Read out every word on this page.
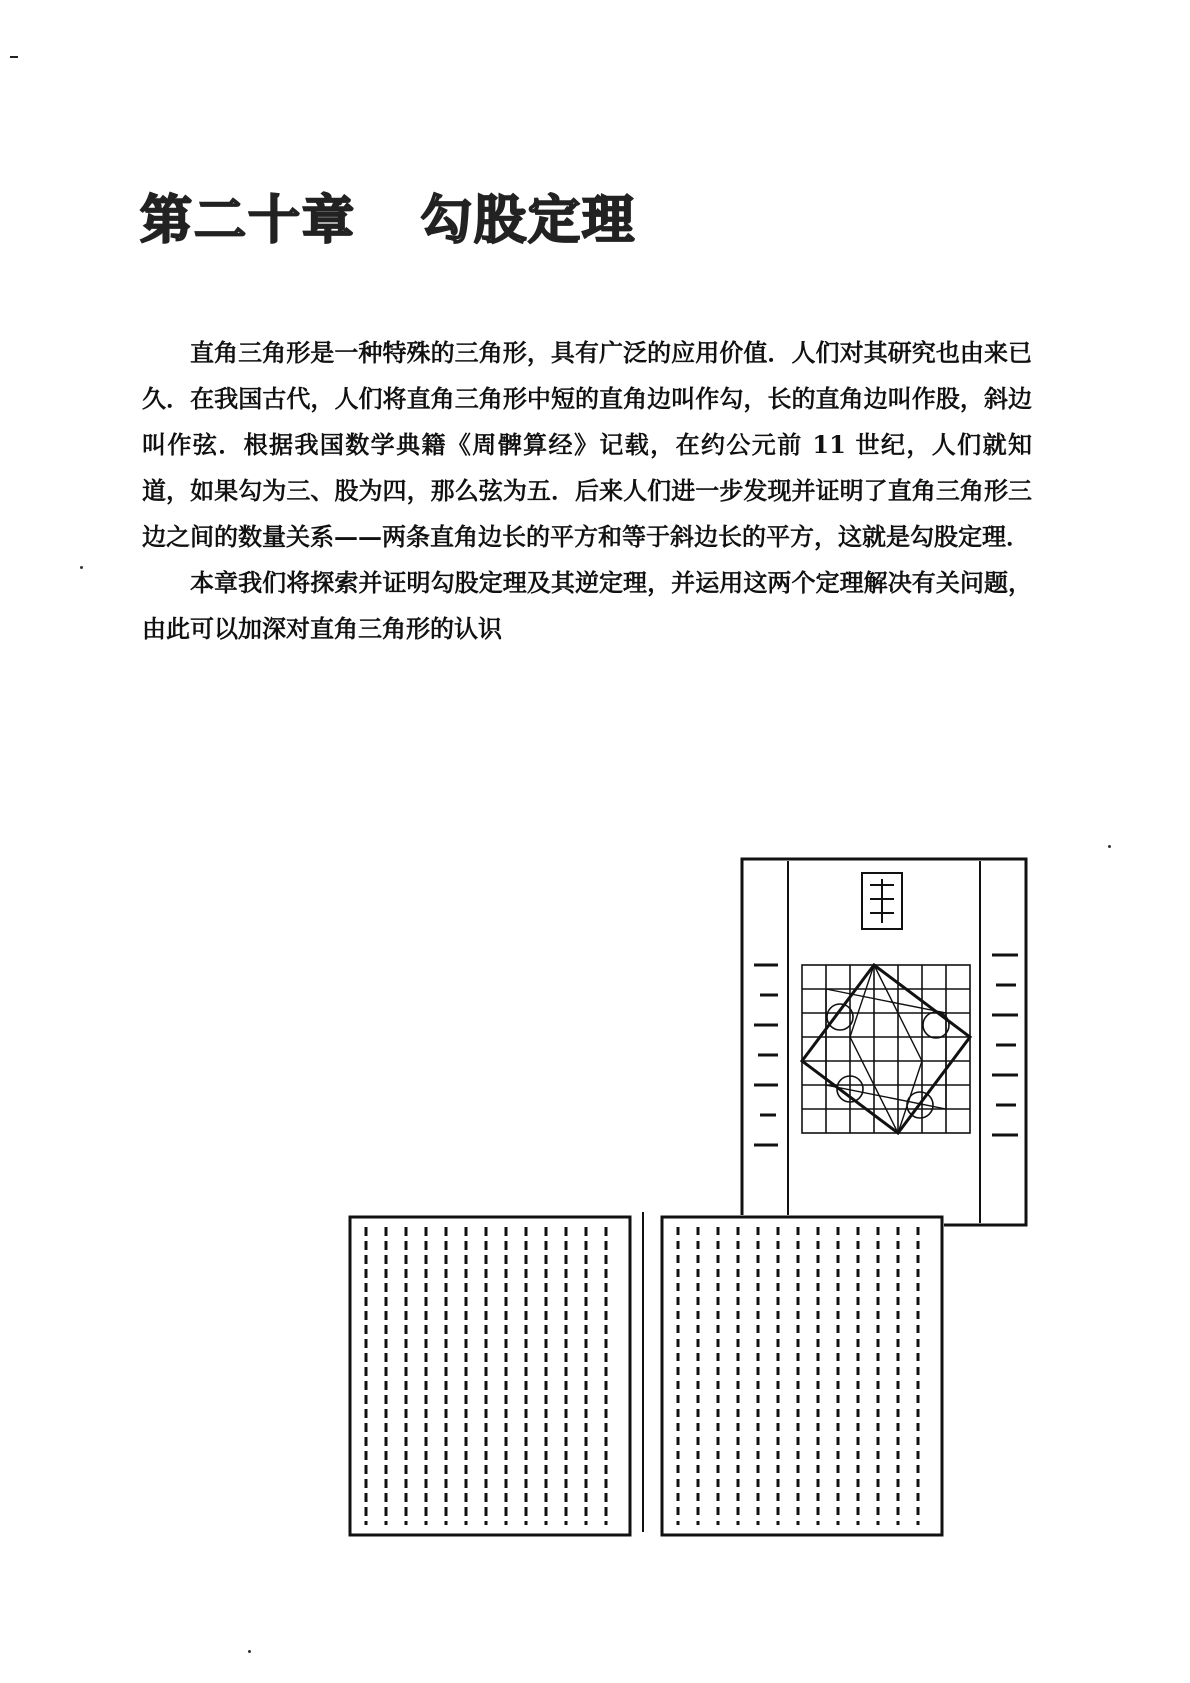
第二十章 勾股定理

直角三角形是一种特殊的三角形，具有广泛的应用价值．人们对其研究也由来已久．在我国古代，人们将直角三角形中短的直角边叫作勾，长的直角边叫作股，斜边叫作弦．根据我国数学典籍《周髀算经》记载，在约公元前 11 世纪，人们就知道，如果勾为三、股为四，那么弦为五．后来人们进一步发现并证明了直角三角形三边之间的数量关系——两条直角边长的平方和等于斜边长的平方，这就是勾股定理．

本章我们将探索并证明勾股定理及其逆定理，并运用这两个定理解决有关问题，由此可以加深对直角三角形的认识
